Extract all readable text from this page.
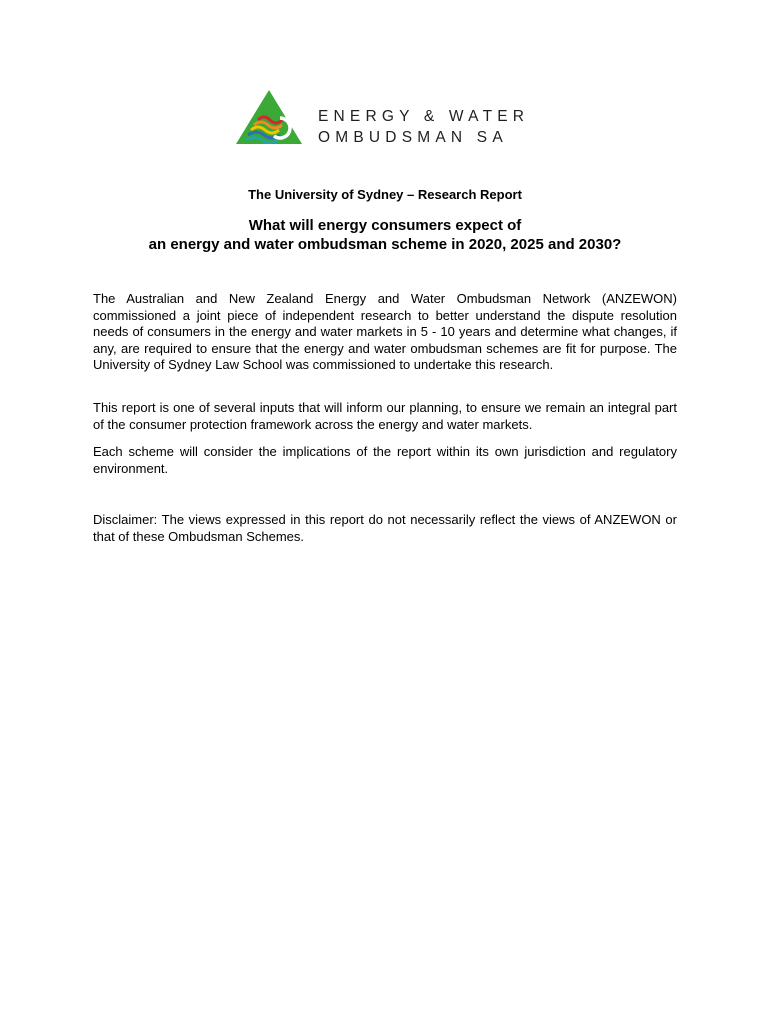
ENERGY & WATER
OMBUDSMAN SA
The University of Sydney – Research Report
What will energy consumers expect of
an energy and water ombudsman scheme in 2020, 2025 and 2030?

The Australian and New Zealand Energy and Water Ombudsman Network (ANZEWON) commissioned a joint piece of independent research to better understand the dispute resolution needs of consumers in the energy and water markets in 5 - 10 years and determine what changes, if any, are required to ensure that the energy and water ombudsman schemes are fit for purpose. The University of Sydney Law School was commissioned to undertake this research.

This report is one of several inputs that will inform our planning, to ensure we remain an integral part of the consumer protection framework across the energy and water markets.

Each scheme will consider the implications of the report within its own jurisdiction and regulatory environment.

Disclaimer: The views expressed in this report do not necessarily reflect the views of ANZEWON or that of these Ombudsman Schemes.
